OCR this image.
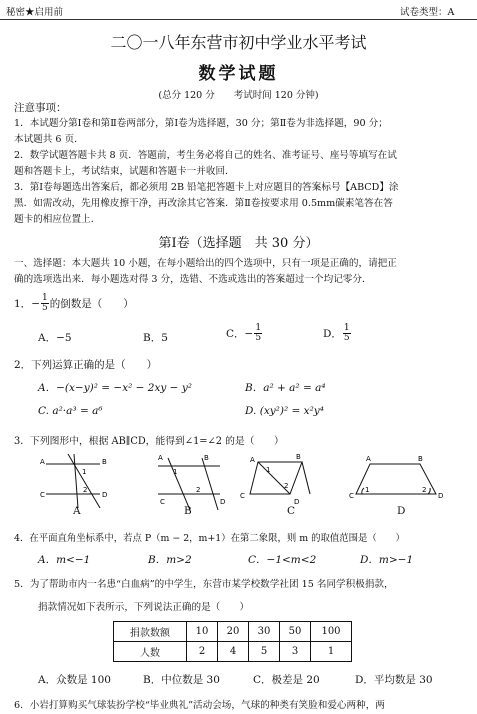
秘密★启用前	试卷类型：A
二〇一八年东营市初中学业水平考试
数学试题
(总分 120 分　　考试时间 120 分钟)
注意事项：
1．本试题分第Ⅰ卷和第Ⅱ卷两部分，第Ⅰ卷为选择题，30 分；第Ⅱ卷为非选择题，90 分；
本试题共 6 页．
2．数学试题答题卡共 8 页．答题前，考生务必将自己的姓名、准考证号、座号等填写在试
题和答题卡上，考试结束，试题和答题卡一并收回．
3．第Ⅰ卷每题选出答案后，都必须用 2B 铅笔把答题卡上对应题目的答案标号【ABCD】涂
黑．如需改动，先用橡皮擦干净，再改涂其它答案．第Ⅱ卷按要求用 0.5mm碳素笔答在答
题卡的相应位置上．
第Ⅰ卷（选择题　共 30 分）
一、选择题：本大题共 10 小题，在每小题给出的四个选项中，只有一项是正确的，请把正
确的选项选出来．每小题选对得 3 分，选错、不选或选出的答案超过一个均记零分．
1． − $\frac{1}{5}$ 的倒数是（　　）
A．−5	B．5	C． − $\frac{1}{5}$	D． $\frac{1}{5}$
2．下列运算正确的是（　　）
A．−(x−y)² = −x² − 2xy − y²	B．a² + a² = a⁴
C. a²·a³ = a⁶	D. (xy²)² = x²y⁴
3．下列图形中，根据 AB∥CD，能得到∠1=∠2 的是（　　）
A
C
B
D
1
2
A
C
B
D
1
2
A
C
B
D
1
2
A
C
B
D
1	2
A	B	C	D
4．在平面直角坐标系中，若点 P（m − 2，m+1）在第二象限，则 m 的取值范围是（　　）
A．m<−1	B．m>2	C．−1<m<2	D．m>−1
5．为了帮助市内一名患“白血病”的中学生，东营市某学校数学社团 15 名同学积极捐款，
捐款情况如下表所示，下列说法正确的是（　　）
捐款数额	10	20	30	50	100
人数	2	4	5	3	1
A．众数是 100	B．中位数是 30	C．极差是 20	D．平均数是 30
6．小岩打算购买气球装扮学校“毕业典礼”活动会场，气球的种类有笑脸和爱心两种，两
